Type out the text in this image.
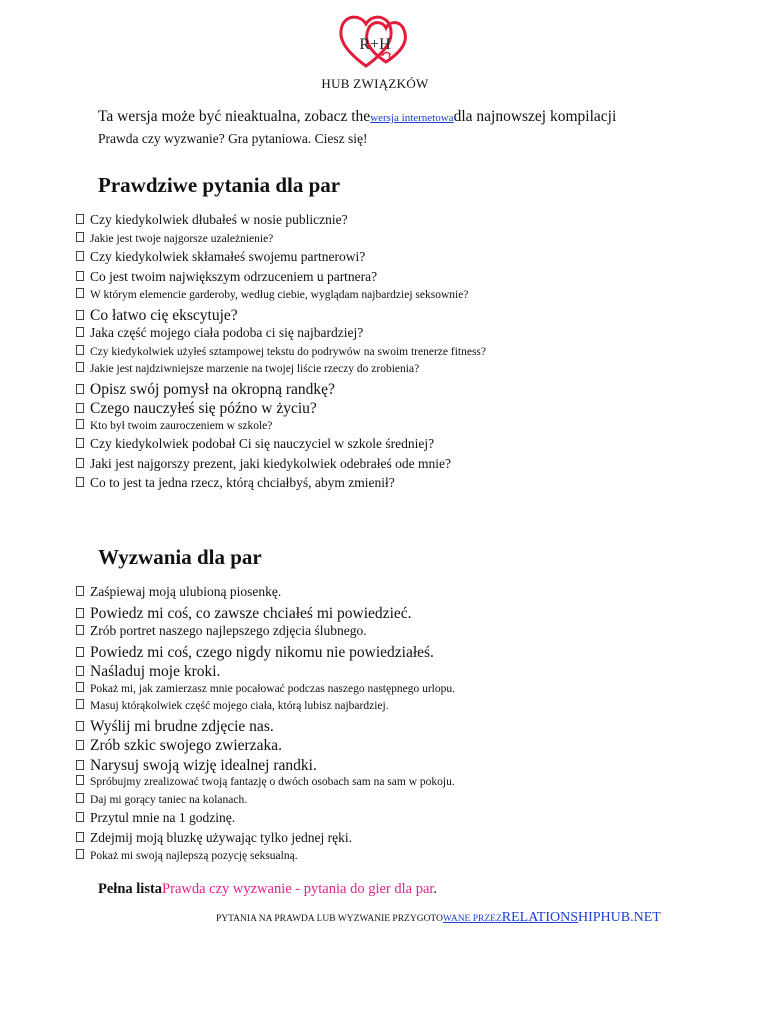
R+H
HUB ZWIĄZKÓW
Ta wersja może być nieaktualna, zobacz thewersja internetowadla najnowszej kompilacji
Prawda czy wyzwanie? Gra pytaniowa. Ciesz się!
Prawdziwe pytania dla par
Czy kiedykolwiek dłubałeś w nosie publicznie?
Jakie jest twoje najgorsze uzależnienie?
Czy kiedykolwiek skłamałeś swojemu partnerowi?
Co jest twoim największym odrzuceniem u partnera?
W którym elemencie garderoby, według ciebie, wyglądam najbardziej seksownie?
Co łatwo cię ekscytuje?
Jaka część mojego ciała podoba ci się najbardziej?
Czy kiedykolwiek użyłeś sztampowej tekstu do podrywów na swoim trenerze fitness?
Jakie jest najdziwniejsze marzenie na twojej liście rzeczy do zrobienia?
Opisz swój pomysł na okropną randkę?
Czego nauczyłeś się późno w życiu?
Kto był twoim zauroczeniem w szkole?
Czy kiedykolwiek podobał Ci się nauczyciel w szkole średniej?
Jaki jest najgorszy prezent, jaki kiedykolwiek odebrałeś ode mnie?
Co to jest ta jedna rzecz, którą chciałbyś, abym zmienił?
Wyzwania dla par
Zaśpiewaj moją ulubioną piosenkę.
Powiedz mi coś, co zawsze chciałeś mi powiedzieć.
Zrób portret naszego najlepszego zdjęcia ślubnego.
Powiedz mi coś, czego nigdy nikomu nie powiedziałeś.
Naśladuj moje kroki.
Pokaż mi, jak zamierzasz mnie pocałować podczas naszego następnego urlopu.
Masuj którąkolwiek część mojego ciała, którą lubisz najbardziej.
Wyślij mi brudne zdjęcie nas.
Zrób szkic swojego zwierzaka.
Narysuj swoją wizję idealnej randki.
Spróbujmy zrealizować twoją fantazję o dwóch osobach sam na sam w pokoju.
Daj mi gorący taniec na kolanach.
Przytul mnie na 1 godzinę.
Zdejmij moją bluzkę używając tylko jednej ręki.
Pokaż mi swoją najlepszą pozycję seksualną.
Pełna listaPrawda czy wyzwanie - pytania do gier dla par.
PYTANIA NA PRAWDA LUB WYZWANIE PRZYGOTOWANE PRZEZRELATIONSHIPHUB.NET
